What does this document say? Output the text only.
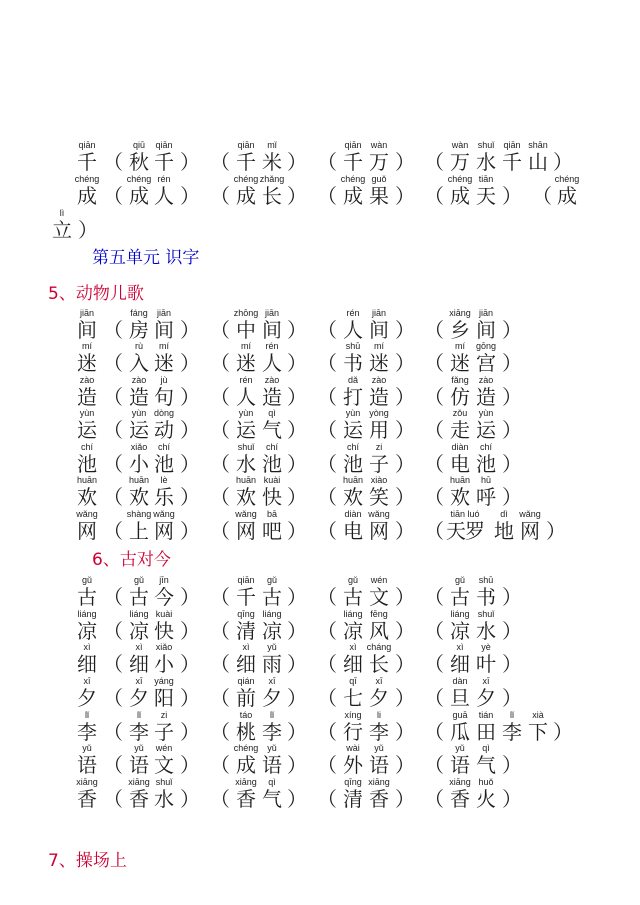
第五单元 识字
5、动物儿歌
6、古对今
7、操场上
qiān
千 （
qiū
秋
qiān
千 ） （
qiān
千
mǐ
米 ） （
qiān
千
wàn
万 ） （
wàn
万
shuǐ
水
qiān
千
shān
山 ）
chéng
成 （
chéng
成
rén
人 ） （
chéng
成
zhǎng
长 ） （
chéng
成
guǒ
果 ） （
chéng
成
tiān
天 ） （
chéng
成
lì
立 ）
jiān
间 （
fáng
房
jiān
间 ） （
zhōng
中
jiān
间 ） （
rén
人
jiān
间 ） （
xiāng
乡
jiān
间 ）
mí
迷 （
rù
入
mí
迷 ） （
mí
迷
rén
人 ） （
shū
书
mí
迷 ） （
mí
迷
gōng
宫 ）
zào
造 （
zào
造
jù
句 ） （
rén
人
zào
造 ） （
dǎ
打
zào
造 ） （
fǎng
仿
zào
造 ）
yùn
运 （
yùn
运
dòng
动 ） （
yùn
运
qì
气 ） （
yùn
运
yòng
用 ） （
zǒu
走
yùn
运 ）
chí
池 （
xiǎo
小
chí
池 ） （
shuǐ
水
chí
池 ） （
chí
池
zi
子 ） （
diàn
电
chí
池 ）
huān
欢 （
huān
欢
lè
乐 ） （
huān
欢
kuài
快 ） （
huān
欢
xiào
笑 ） （
huān
欢
hū
呼 ）
wǎng
网 （
shàng
上
wǎng
网 ） （
wǎng
网
bā
吧 ） （
diàn
电
wǎng
网 ） （
tiān luó
天罗
dì
地
wǎng
网 ）
gǔ
古 （
gǔ
古
jīn
今 ） （
qiān
千
gǔ
古 ） （
gǔ
古
wén
文 ） （
gǔ
古
shū
书 ）
liáng
凉 （
liáng
凉
kuài
快 ） （
qīng
清
liáng
凉 ） （
liáng
凉
fēng
风 ） （
liáng
凉
shuǐ
水 ）
xì
细 （
xì
细
xiǎo
小 ） （
xì
细
yǔ
雨 ） （
xì
细
cháng
长 ） （
xì
细
yè
叶 ）
xī
夕 （
xī
夕
yáng
阳 ） （
qián
前
xī
夕 ） （
qī
七
xī
夕 ） （
dàn
旦
xī
夕 ）
lǐ
李 （
lǐ
李
zi
子 ） （
táo
桃
lǐ
李 ） （
xíng
行
li
李 ） （
guā
瓜
tián
田
lǐ
李
xià
下 ）
yǔ
语 （
yǔ
语
wén
文 ） （
chéng
成
yǔ
语 ） （
wài
外
yǔ
语 ） （
yǔ
语
qì
气 ）
xiāng
香 （
xiāng
香
shuǐ
水 ） （
xiāng
香
qì
气 ） （
qīng
清
xiāng
香 ） （
xiāng
香
huǒ
火 ）
